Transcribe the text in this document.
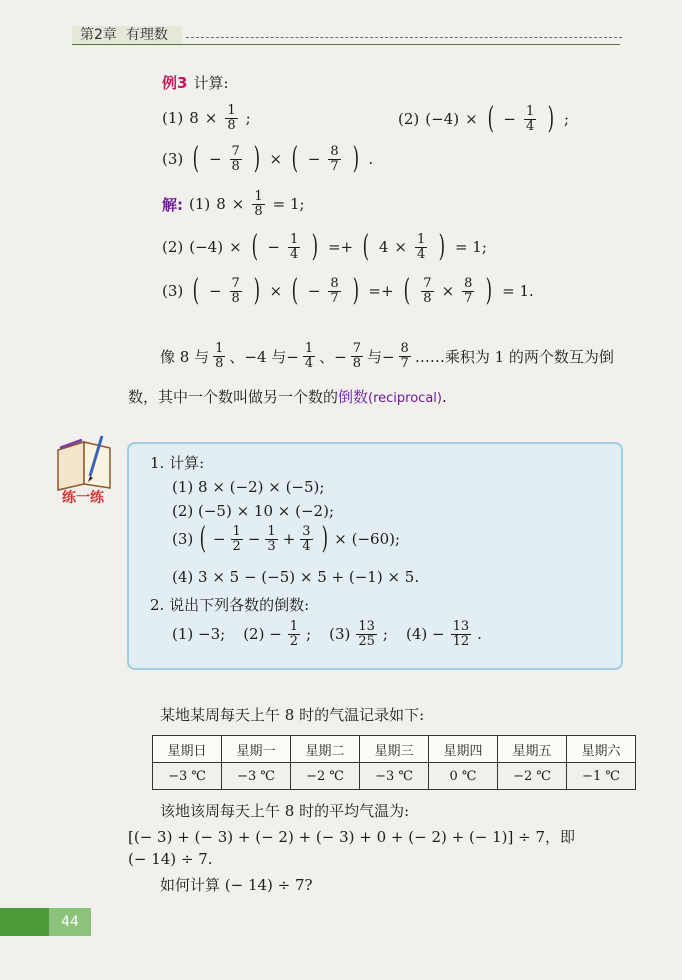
第2章 有理数
例3 计算:
(1) $8 \times \frac{1}{8}$ ;	(2) (−4) × ( − $\frac{1}{4}$ ) ;
(3) ( − $\frac{7}{8}$ ) × ( − $\frac{8}{7}$ ) .
解: (1) $8 \times \frac{1}{8} = 1$;
(2) (−4) × ( − $\frac{1}{4}$ ) =+ ( $4 \times \frac{1}{4}$ ) = 1;
(3) ( − $\frac{7}{8}$ ) × ( − $\frac{8}{7}$ ) =+ ( $\frac{7}{8} \times \frac{8}{7}$ ) = 1.
像 8 与 $\frac{1}{8}$ 、−4 与− $\frac{1}{4}$ 、− $\frac{7}{8}$ 与− $\frac{8}{7}$ ……乘积为 1 的两个数互为倒
数，其中一个数叫做另一个数的倒数(reciprocal).
练一练
1. 计算:
(1) 8 × (−2) × (−5);
(2) (−5) × 10 × (−2);
(3) ( − $\frac{1}{2} - \frac{1}{3} + \frac{3}{4}$ ) × (−60);
(4) 3 × 5 − (−5) × 5 + (−1) × 5.
2. 说出下列各数的倒数:
(1) −3; $(2) - \frac{1}{2}$ ; $(3) \frac{13}{25}$ ; $(4) - \frac{13}{12}$ .
某地某周每天上午 8 时的气温记录如下:
星期日	星期一	星期二	星期三	星期四	星期五	星期六
−3 ℃	−3 ℃	−2 ℃	−3 ℃	0 ℃	−2 ℃	−1 ℃
该地该周每天上午 8 时的平均气温为:
[(− 3) + (− 3) + (− 2) + (− 3) + 0 + (− 2) + (− 1)] ÷ 7，即
(− 14) ÷ 7.
如何计算 (− 14) ÷ 7?
44
